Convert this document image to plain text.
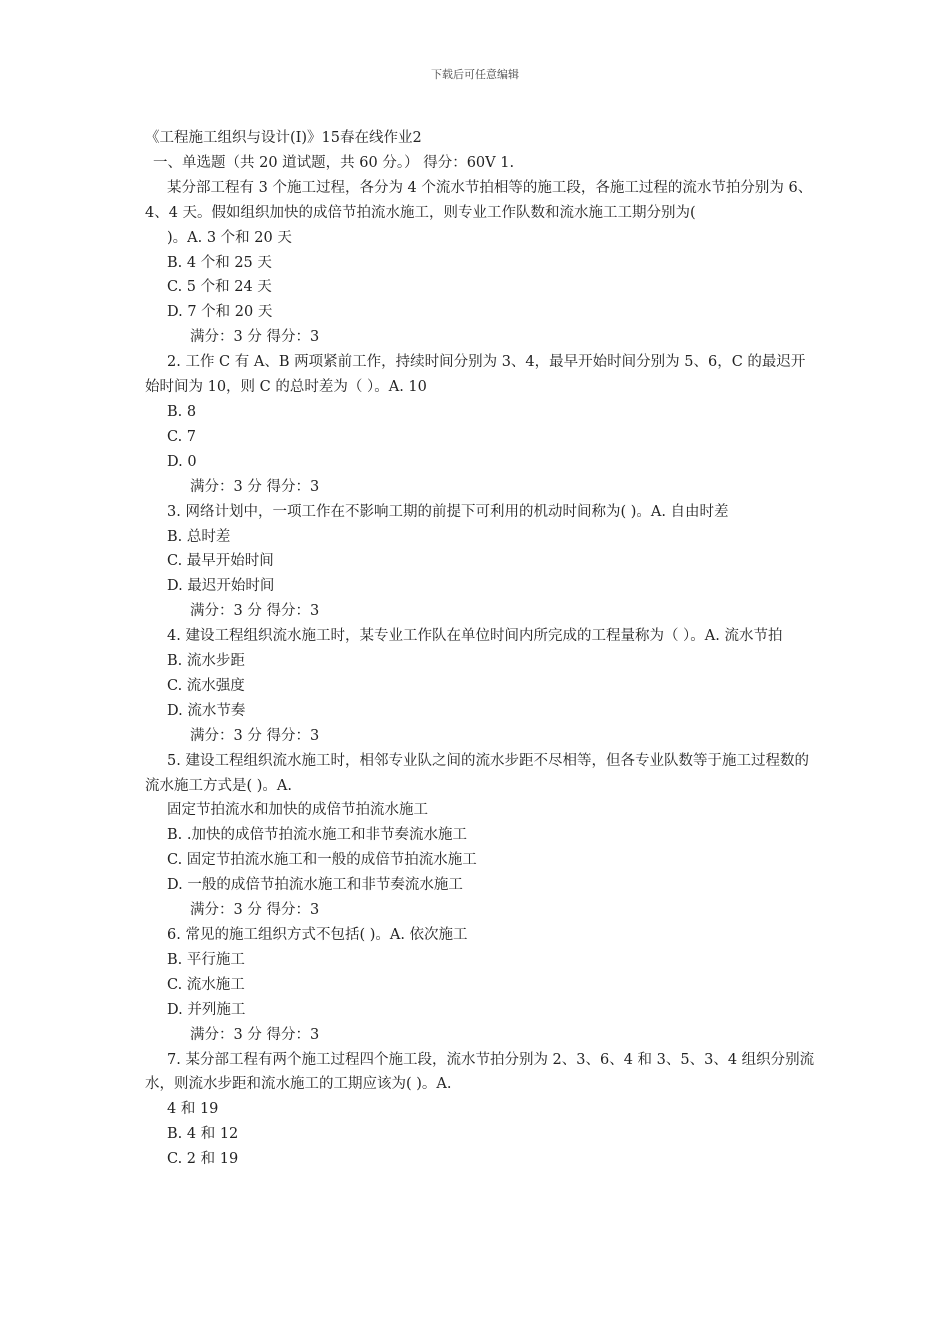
下载后可任意编辑
《工程施工组织与设计(I)》15春在线作业2
一、单选题（共 20 道试题，共 60 分。） 得分：60V 1.
某分部工程有 3 个施工过程，各分为 4 个流水节拍相等的施工段，各施工过程的流水节拍分别为 6、4、4 天。假如组织加快的成倍节拍流水施工，则专业工作队数和流水施工工期分别为(
)。A. 3 个和 20 天
B. 4 个和 25 天
C. 5 个和 24 天
D. 7 个和 20 天
满分：3 分 得分：3
2. 工作 C 有 A、B 两项紧前工作，持续时间分别为 3、4，最早开始时间分别为 5、6，C 的最迟开始时间为 10，则 C 的总时差为（ ）。A. 10
B. 8
C. 7
D. 0
满分：3 分 得分：3
3. 网络计划中，一项工作在不影响工期的前提下可利用的机动时间称为( )。A. 自由时差
B. 总时差
C. 最早开始时间
D. 最迟开始时间
满分：3 分 得分：3
4. 建设工程组织流水施工时，某专业工作队在单位时间内所完成的工程量称为（ ）。A. 流水节拍
B. 流水步距
C. 流水强度
D. 流水节奏
满分：3 分 得分：3
5. 建设工程组织流水施工时，相邻专业队之间的流水步距不尽相等，但各专业队数等于施工过程数的流水施工方式是( )。A.
固定节拍流水和加快的成倍节拍流水施工
B. .加快的成倍节拍流水施工和非节奏流水施工
C. 固定节拍流水施工和一般的成倍节拍流水施工
D. 一般的成倍节拍流水施工和非节奏流水施工
满分：3 分 得分：3
6. 常见的施工组织方式不包括( )。A. 依次施工
B. 平行施工
C. 流水施工
D. 并列施工
满分：3 分 得分：3
7. 某分部工程有两个施工过程四个施工段，流水节拍分别为 2、3、6、4 和 3、5、3、4 组织分别流水，则流水步距和流水施工的工期应该为( )。A.
4 和 19
B. 4 和 12
C. 2 和 19
